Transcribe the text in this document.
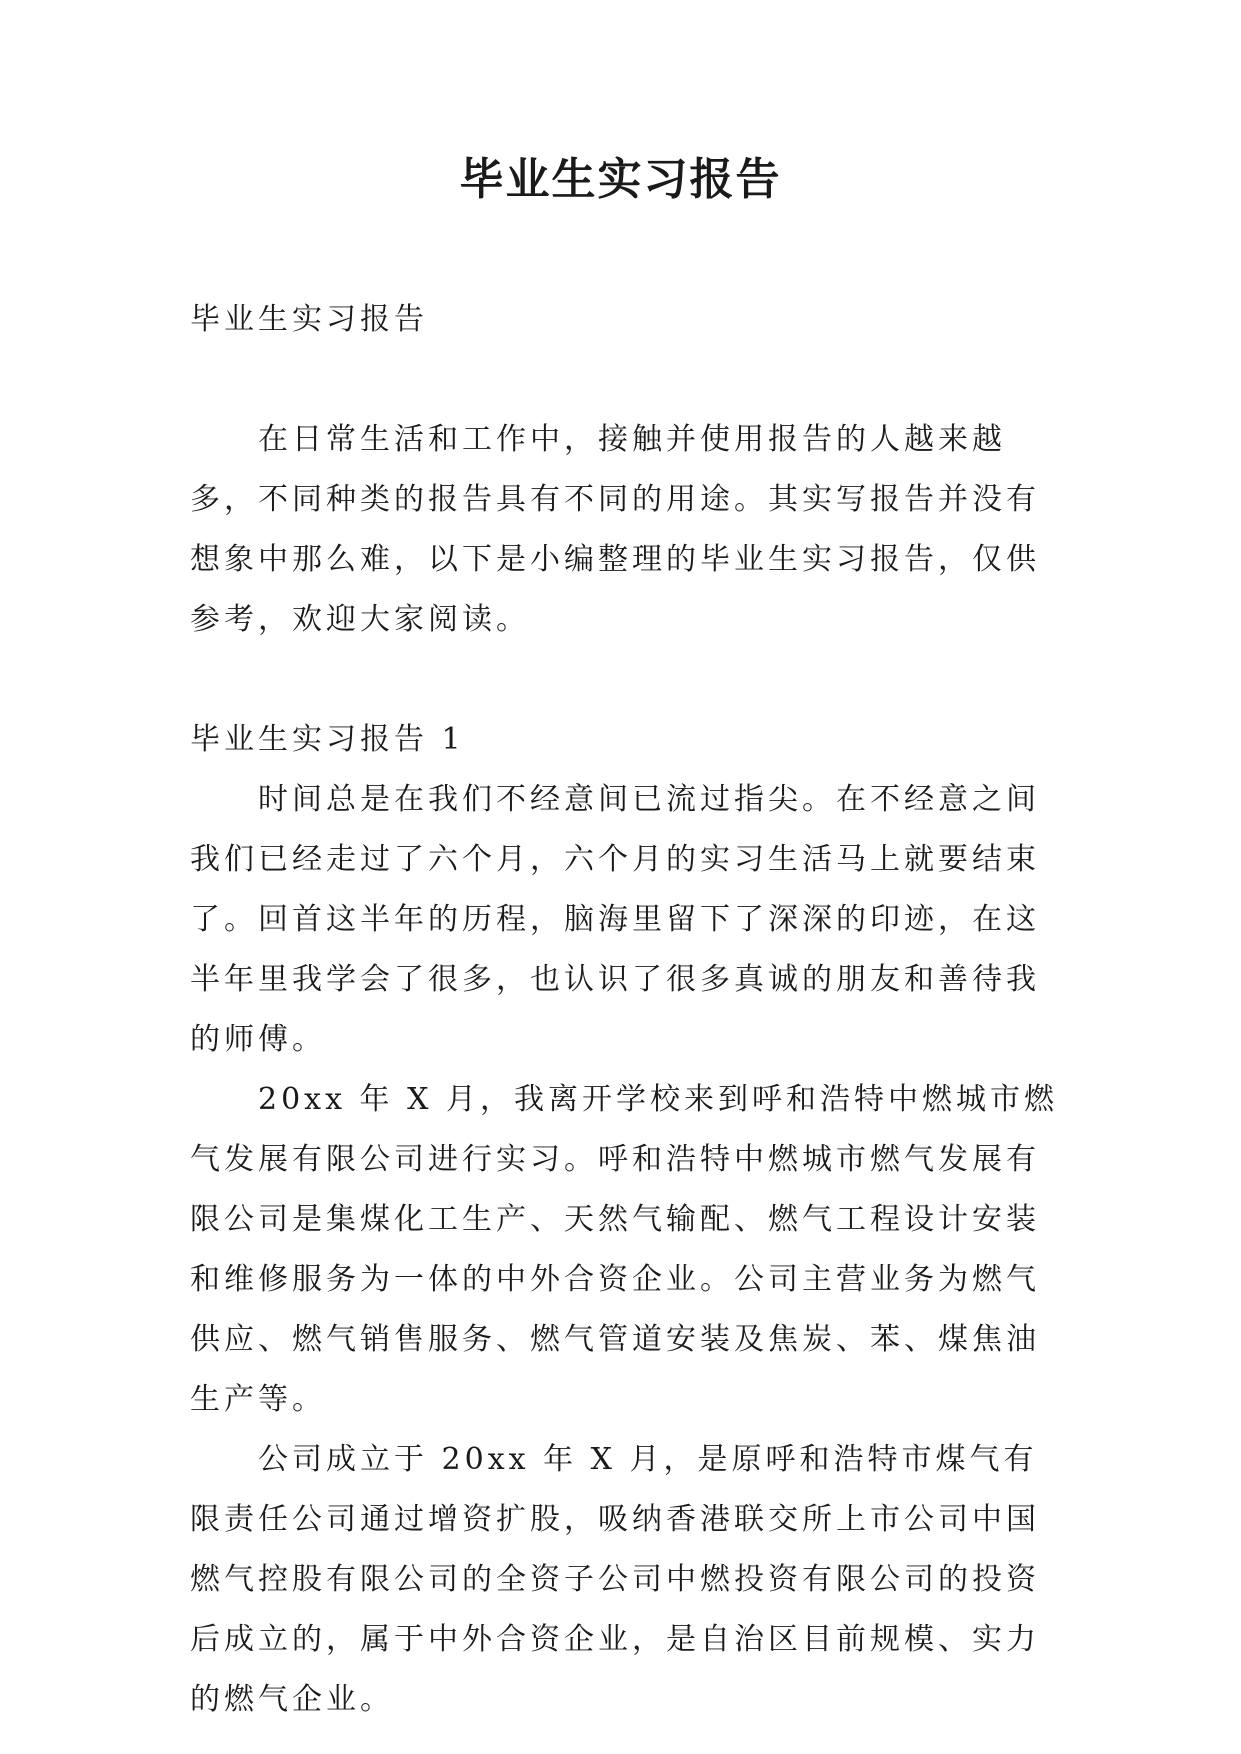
毕业生实习报告

毕业生实习报告

在日常生活和工作中，接触并使用报告的人越来越多，不同种类的报告具有不同的用途。其实写报告并没有想象中那么难，以下是小编整理的毕业生实习报告，仅供参考，欢迎大家阅读。

毕业生实习报告 1

时间总是在我们不经意间已流过指尖。在不经意之间我们已经走过了六个月，六个月的实习生活马上就要结束了。回首这半年的历程，脑海里留下了深深的印迹，在这半年里我学会了很多，也认识了很多真诚的朋友和善待我的师傅。

20xx 年 X 月，我离开学校来到呼和浩特中燃城市燃气发展有限公司进行实习。呼和浩特中燃城市燃气发展有限公司是集煤化工生产、天然气输配、燃气工程设计安装和维修服务为一体的中外合资企业。公司主营业务为燃气供应、燃气销售服务、燃气管道安装及焦炭、苯、煤焦油生产等。

公司成立于 20xx 年 X 月，是原呼和浩特市煤气有限责任公司通过增资扩股，吸纳香港联交所上市公司中国燃气控股有限公司的全资子公司中燃投资有限公司的投资后成立的，属于中外合资企业，是自治区目前规模、实力的燃气企业。
